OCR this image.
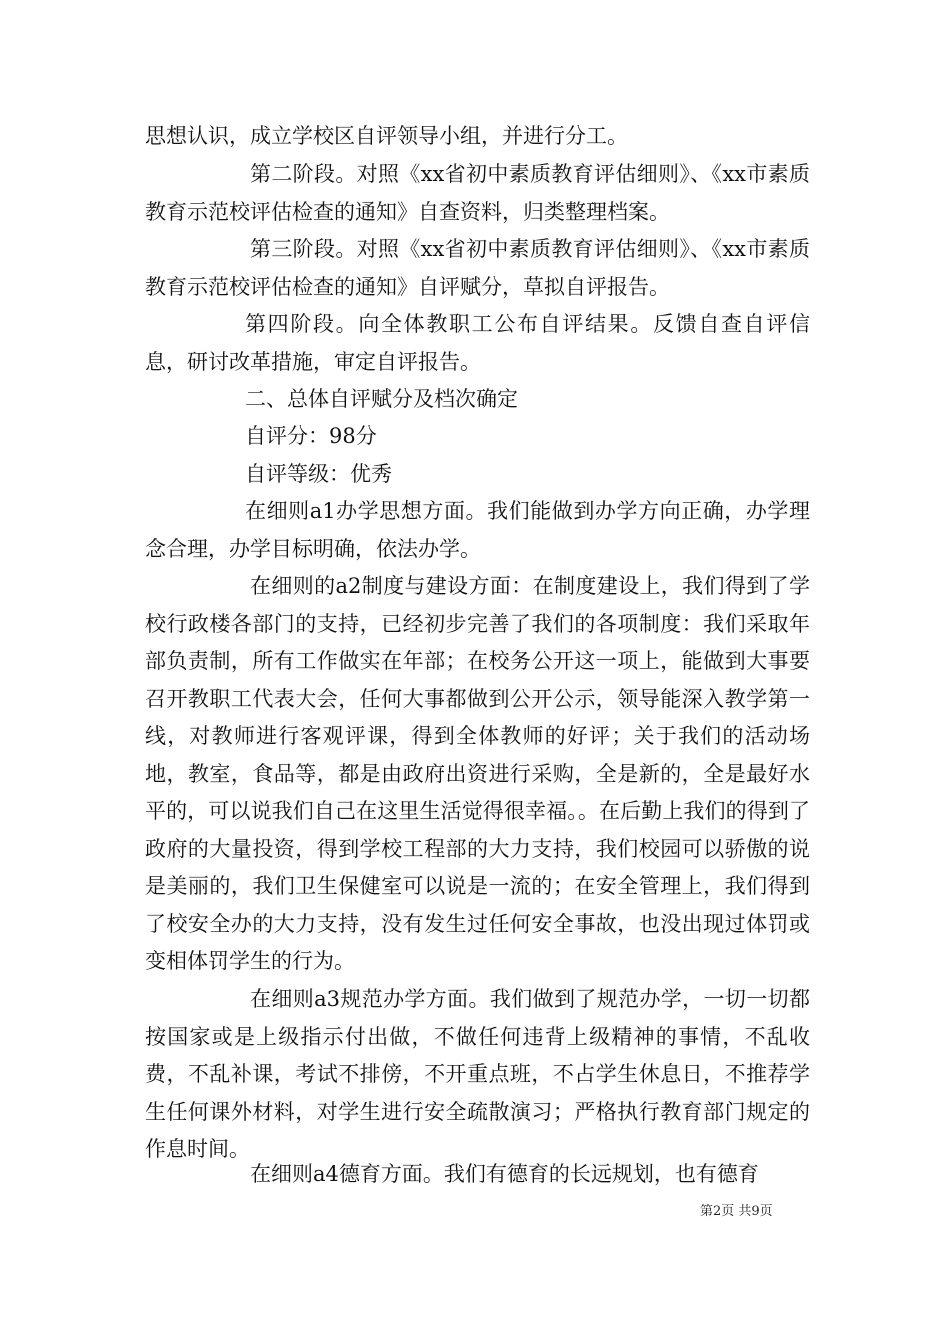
思想认识，成立学校区自评领导小组，并进行分工。

第二阶段。对照《xx省初中素质教育评估细则》、《xx市素质教育示范校评估检查的通知》自查资料，归类整理档案。

第三阶段。对照《xx省初中素质教育评估细则》、《xx市素质教育示范校评估检查的通知》自评赋分，草拟自评报告。

第四阶段。向全体教职工公布自评结果。反馈自查自评信息，研讨改革措施，审定自评报告。

二、总体自评赋分及档次确定

自评分：98分

自评等级：优秀

在细则a1办学思想方面。我们能做到办学方向正确，办学理念合理，办学目标明确，依法办学。

在细则的a2制度与建设方面：在制度建设上，我们得到了学校行政楼各部门的支持，已经初步完善了我们的各项制度：我们采取年部负责制，所有工作做实在年部；在校务公开这一项上，能做到大事要召开教职工代表大会，任何大事都做到公开公示，领导能深入教学第一线，对教师进行客观评课，得到全体教师的好评；关于我们的活动场地，教室，食品等，都是由政府出资进行采购，全是新的，全是最好水平的，可以说我们自己在这里生活觉得很幸福。。在后勤上我们的得到了政府的大量投资，得到学校工程部的大力支持，我们校园可以骄傲的说是美丽的，我们卫生保健室可以说是一流的；在安全管理上，我们得到了校安全办的大力支持，没有发生过任何安全事故，也没出现过体罚或变相体罚学生的行为。

在细则a3规范办学方面。我们做到了规范办学，一切一切都按国家或是上级指示付出做，不做任何违背上级精神的事情，不乱收费，不乱补课，考试不排傍，不开重点班，不占学生休息日，不推荐学生任何课外材料，对学生进行安全疏散演习；严格执行教育部门规定的作息时间。

在细则a4德育方面。我们有德育的长远规划，也有德育

第2页 共9页
